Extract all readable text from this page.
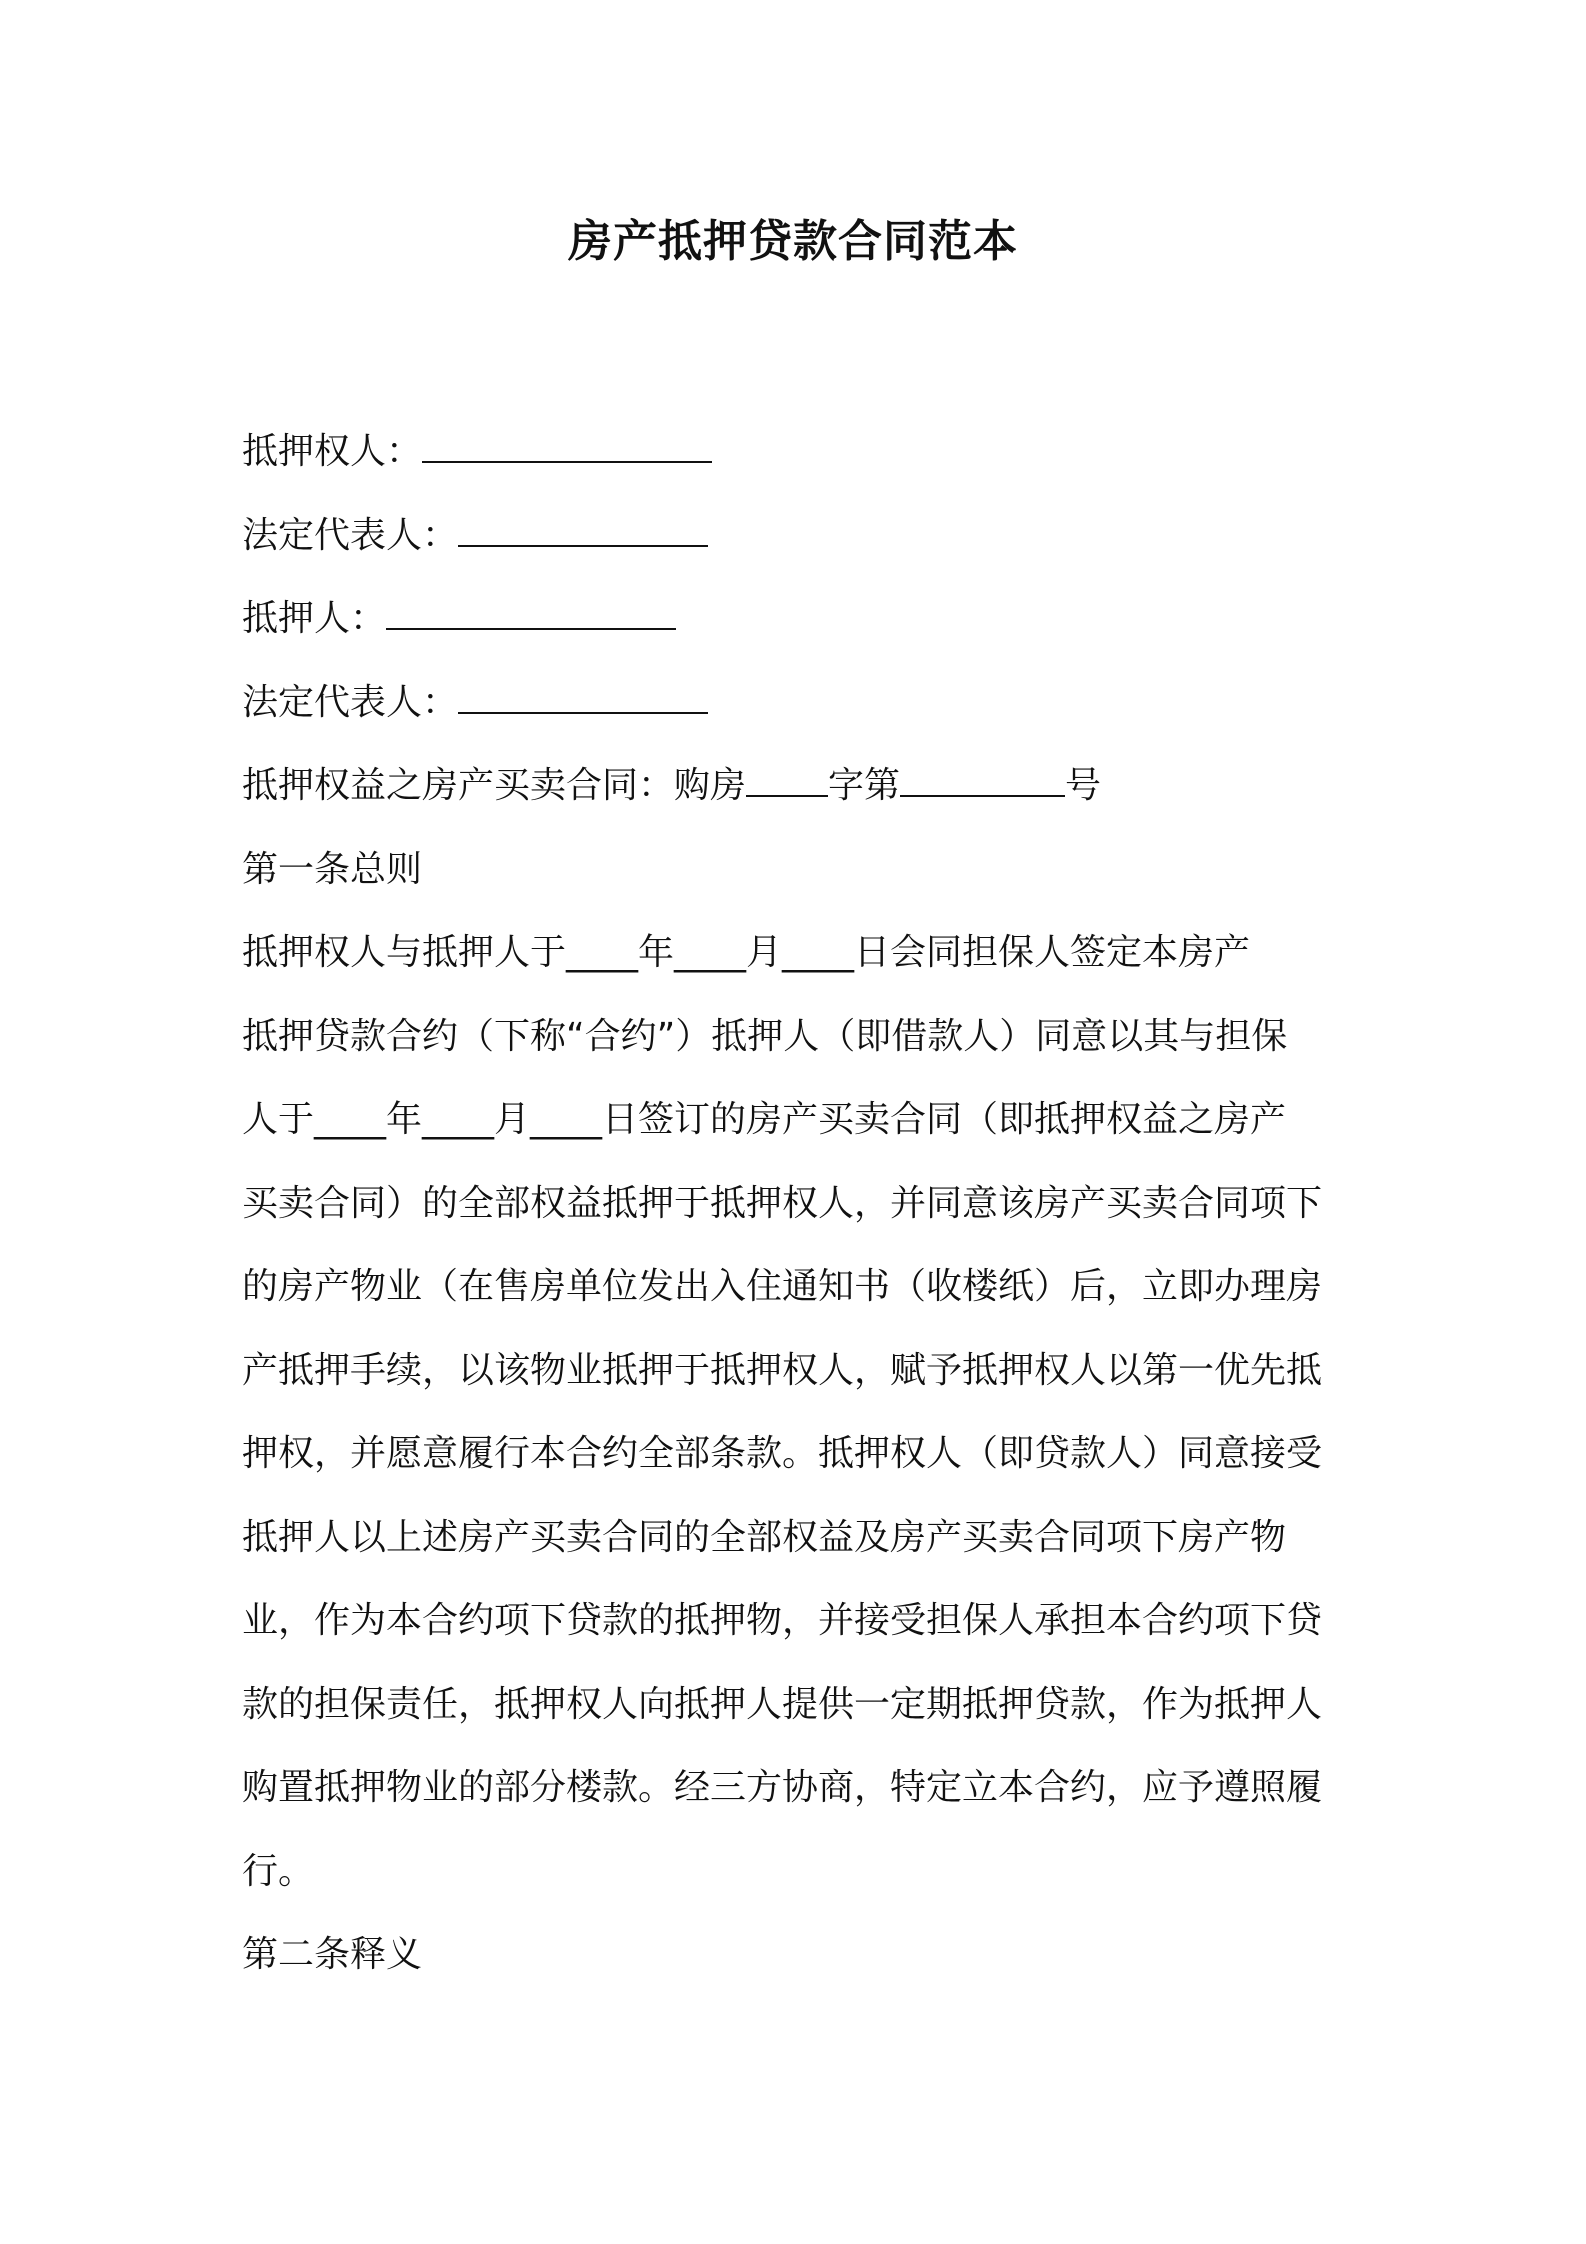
房产抵押贷款合同范本
抵押权人：
法定代表人：
抵押人：
法定代表人：
抵押权益之房产买卖合同：购房 字第	号
第一条总则
抵押权人与抵押人于____年____月____日会同担保人签定本房产
抵押贷款合约（下称“合约”）抵押人（即借款人）同意以其与担保
人于____年____月____日签订的房产买卖合同（即抵押权益之房产
买卖合同）的全部权益抵押于抵押权人，并同意该房产买卖合同项下
的房产物业（在售房单位发出入住通知书（收楼纸）后，立即办理房
产抵押手续，以该物业抵押于抵押权人，赋予抵押权人以第一优先抵
押权，并愿意履行本合约全部条款。抵押权人（即贷款人）同意接受
抵押人以上述房产买卖合同的全部权益及房产买卖合同项下房产物
业，作为本合约项下贷款的抵押物，并接受担保人承担本合约项下贷
款的担保责任，抵押权人向抵押人提供一定期抵押贷款，作为抵押人
购置抵押物业的部分楼款。经三方协商，特定立本合约，应予遵照履
行。
第二条释义
